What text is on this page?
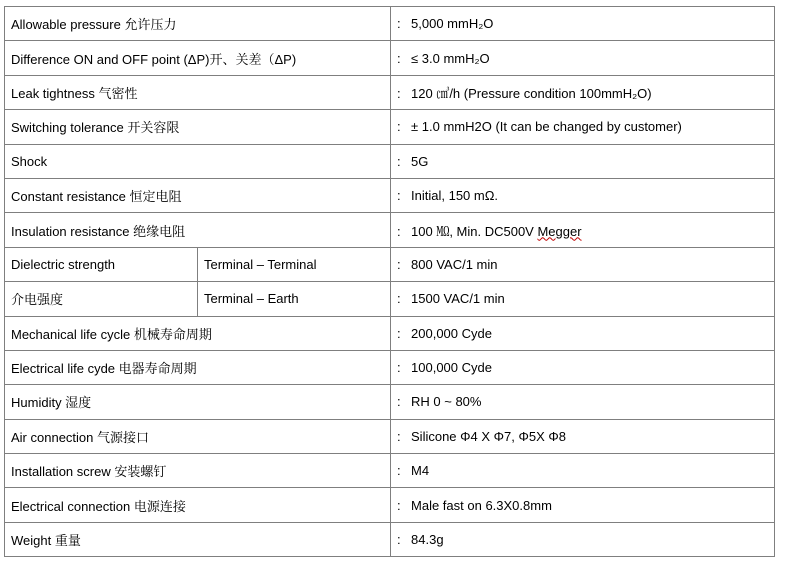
Allowable pressure 允许压力		: 5,000 mmH₂O
Difference ON and OFF point (ΔP)开、关差（ΔP)		: ≤ 3.0 mmH₂O
Leak tightness 气密性		: 120 ㎤/h (Pressure condition 100mmH₂O)
Switching tolerance 开关容限		: ± 1.0 mmH2O (It can be changed by customer)
Shock		: 5G
Constant resistance 恒定电阻		: Initial, 150 mΩ.
Insulation resistance 绝缘电阻		: 100 ㏁, Min. DC500V Megger
Dielectric strength	Terminal – Terminal	: 800 VAC/1 min
介电强度	Terminal – Earth	: 1500 VAC/1 min
Mechanical life cycle 机械寿命周期		: 200,000 Cyde
Electrical life cyde 电器寿命周期		: 100,000 Cyde
Humidity 湿度		: RH 0 ~ 80%
Air connection 气源接口		: Silicone Φ4 X Φ7, Φ5X Φ8
Installation screw 安装螺钉		: M4
Electrical connection 电源连接		: Male fast on 6.3X0.8mm
Weight 重量		: 84.3g
